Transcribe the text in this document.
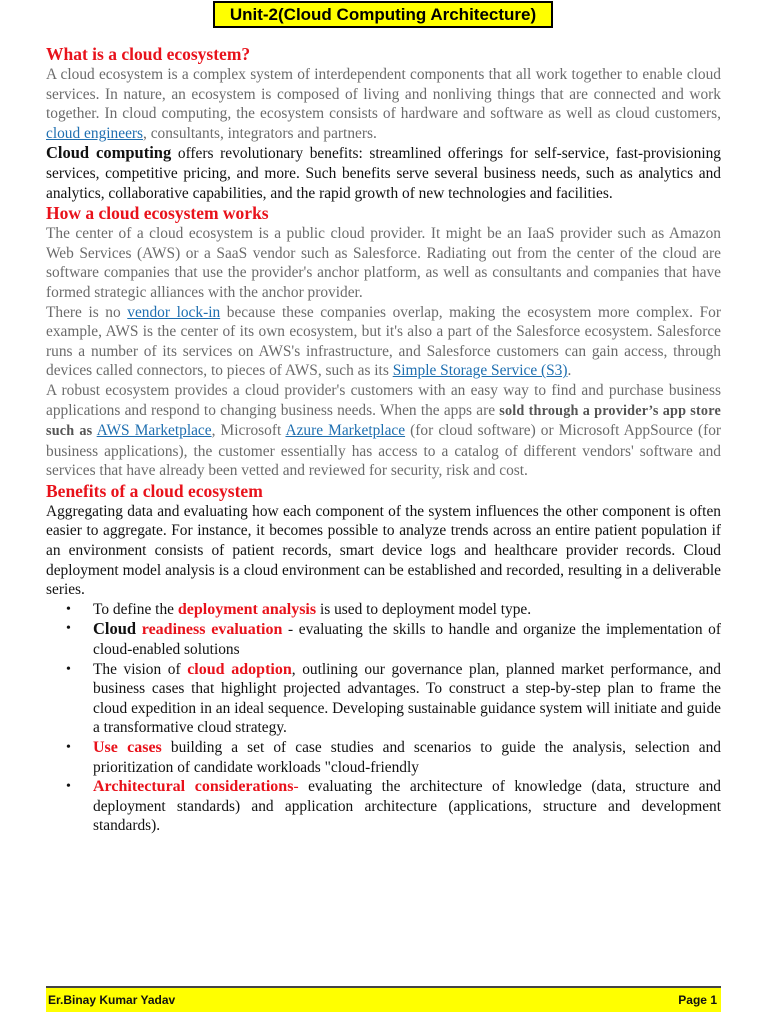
Unit-2(Cloud Computing Architecture)
What is a cloud ecosystem?

A cloud ecosystem is a complex system of interdependent components that all work together to enable cloud services. In nature, an ecosystem is composed of living and nonliving things that are connected and work together. In cloud computing, the ecosystem consists of hardware and software as well as cloud customers, cloud engineers, consultants, integrators and partners.

Cloud computing offers revolutionary benefits: streamlined offerings for self-service, fast-provisioning services, competitive pricing, and more. Such benefits serve several business needs, such as analytics and analytics, collaborative capabilities, and the rapid growth of new technologies and facilities.

How a cloud ecosystem works

The center of a cloud ecosystem is a public cloud provider. It might be an IaaS provider such as Amazon Web Services (AWS) or a SaaS vendor such as Salesforce. Radiating out from the center of the cloud are software companies that use the provider's anchor platform, as well as consultants and companies that have formed strategic alliances with the anchor provider.

There is no vendor lock-in because these companies overlap, making the ecosystem more complex. For example, AWS is the center of its own ecosystem, but it's also a part of the Salesforce ecosystem. Salesforce runs a number of its services on AWS's infrastructure, and Salesforce customers can gain access, through devices called connectors, to pieces of AWS, such as its Simple Storage Service (S3).

A robust ecosystem provides a cloud provider's customers with an easy way to find and purchase business applications and respond to changing business needs. When the apps are sold through a provider’s app store such as AWS Marketplace, Microsoft Azure Marketplace (for cloud software) or Microsoft AppSource (for business applications), the customer essentially has access to a catalog of different vendors' software and services that have already been vetted and reviewed for security, risk and cost.

Benefits of a cloud ecosystem

Aggregating data and evaluating how each component of the system influences the other component is often easier to aggregate. For instance, it becomes possible to analyze trends across an entire patient population if an environment consists of patient records, smart device logs and healthcare provider records. Cloud deployment model analysis is a cloud environment can be established and recorded, resulting in a deliverable series.

• To define the deployment analysis is used to deployment model type.
• Cloud readiness evaluation - evaluating the skills to handle and organize the implementation of cloud-enabled solutions
• The vision of cloud adoption, outlining our governance plan, planned market performance, and business cases that highlight projected advantages. To construct a step-by-step plan to frame the cloud expedition in an ideal sequence. Developing sustainable guidance system will initiate and guide a transformative cloud strategy.
• Use cases building a set of case studies and scenarios to guide the analysis, selection and prioritization of candidate workloads "cloud-friendly
• Architectural considerations- evaluating the architecture of knowledge (data, structure and deployment standards) and application architecture (applications, structure and development standards).
Er.Binay Kumar Yadav	Page 1
